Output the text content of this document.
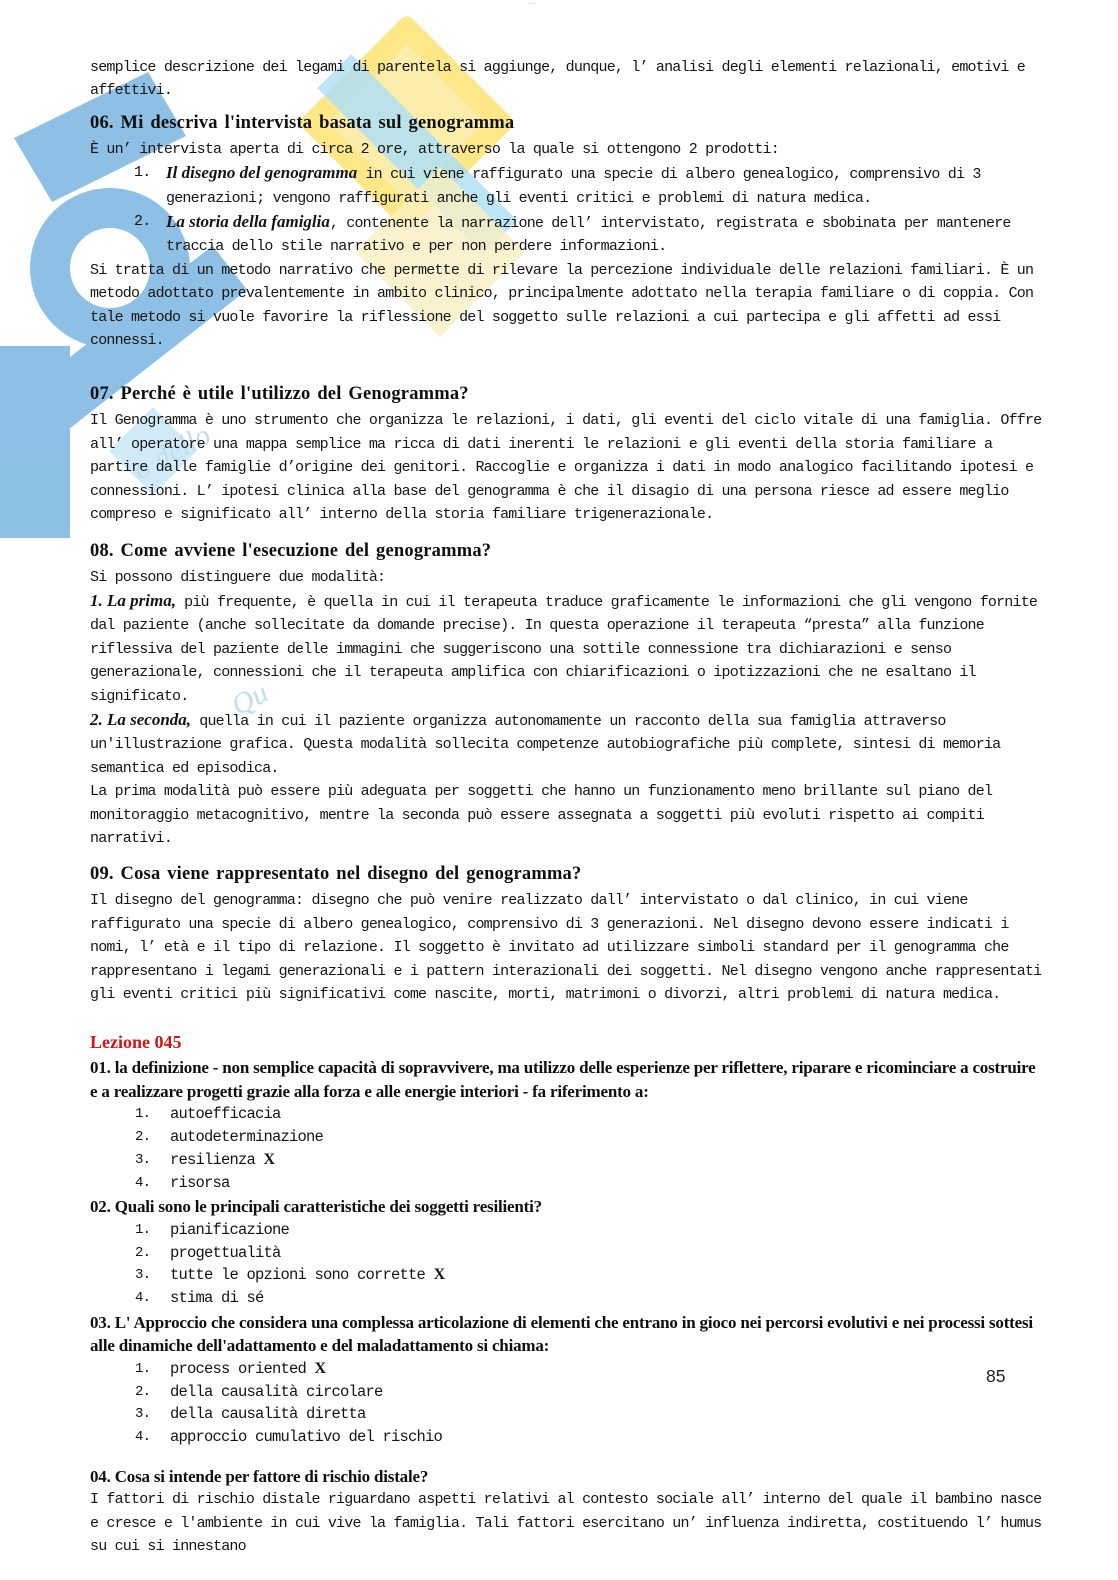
···
o dello
Qu
semplice descrizione dei legami di parentela si aggiunge, dunque, l’ analisi degli elementi relazionali, emotivi e affettivi.
06. Mi descriva l'intervista basata sul genogramma
È un’ intervista aperta di circa 2 ore, attraverso la quale si ottengono 2 prodotti:
1. Il disegno del genogramma in cui viene raffigurato una specie di albero genealogico, comprensivo di 3 generazioni; vengono raffigurati anche gli eventi critici e problemi di natura medica.
2. La storia della famiglia, contenente la narrazione dell’ intervistato, registrata e sbobinata per mantenere traccia dello stile narrativo e per non perdere informazioni.
Si tratta di un metodo narrativo che permette di rilevare la percezione individuale delle relazioni familiari. È un metodo adottato prevalentemente in ambito clinico, principalmente adottato nella terapia familiare o di coppia. Con tale metodo si vuole favorire la riflessione del soggetto sulle relazioni a cui partecipa e gli affetti ad essi connessi.
07. Perché è utile l'utilizzo del Genogramma?
Il Genogramma è uno strumento che organizza le relazioni, i dati, gli eventi del ciclo vitale di una famiglia. Offre all’ operatore una mappa semplice ma ricca di dati inerenti le relazioni e gli eventi della storia familiare a partire dalle famiglie d’origine dei genitori. Raccoglie e organizza i dati in modo analogico facilitando ipotesi e connessioni. L’ ipotesi clinica alla base del genogramma è che il disagio di una persona riesce ad essere meglio compreso e significato all’ interno della storia familiare trigenerazionale.
08. Come avviene l'esecuzione del genogramma?
Si possono distinguere due modalità:
1. La prima, più frequente, è quella in cui il terapeuta traduce graficamente le informazioni che gli vengono fornite dal paziente (anche sollecitate da domande precise). In questa operazione il terapeuta “presta” alla funzione riflessiva del paziente delle immagini che suggeriscono una sottile connessione tra dichiarazioni e senso generazionale, connessioni che il terapeuta amplifica con chiarificazioni o ipotizzazioni che ne esaltano il significato.
2. La seconda, quella in cui il paziente organizza autonomamente un racconto della sua famiglia attraverso un'illustrazione grafica. Questa modalità sollecita competenze autobiografiche più complete, sintesi di memoria semantica ed episodica.
La prima modalità può essere più adeguata per soggetti che hanno un funzionamento meno brillante sul piano del monitoraggio metacognitivo, mentre la seconda può essere assegnata a soggetti più evoluti rispetto ai compiti narrativi.
09. Cosa viene rappresentato nel disegno del genogramma?
Il disegno del genogramma: disegno che può venire realizzato dall’ intervistato o dal clinico, in cui viene raffigurato una specie di albero genealogico, comprensivo di 3 generazioni. Nel disegno devono essere indicati i nomi, l’ età e il tipo di relazione. Il soggetto è invitato ad utilizzare simboli standard per il genogramma che rappresentano i legami generazionali e i pattern interazionali dei soggetti. Nel disegno vengono anche rappresentati gli eventi critici più significativi come nascite, morti, matrimoni o divorzi, altri problemi di natura medica.
Lezione 045
01. la definizione - non semplice capacità di sopravvivere, ma utilizzo delle esperienze per riflettere, riparare e ricominciare a costruire e a realizzare progetti grazie alla forza e alle energie interiori - fa riferimento a:
1. autoefficacia
2. autodeterminazione
3. resilienza X
4. risorsa
02. Quali sono le principali caratteristiche dei soggetti resilienti?
1. pianificazione
2. progettualità
3. tutte le opzioni sono corrette X
4. stima di sé
03. L' Approccio che considera una complessa articolazione di elementi che entrano in gioco nei percorsi evolutivi e nei processi sottesi alle dinamiche dell'adattamento e del maladattamento si chiama:
1. process oriented X
2. della causalità circolare
3. della causalità diretta
4. approccio cumulativo del rischio
04. Cosa si intende per fattore di rischio distale?
I fattori di rischio distale riguardano aspetti relativi al contesto sociale all’ interno del quale il bambino nasce e cresce e l'ambiente in cui vive la famiglia. Tali fattori esercitano un’ influenza indiretta, costituendo l’ humus su cui si innestano
85
